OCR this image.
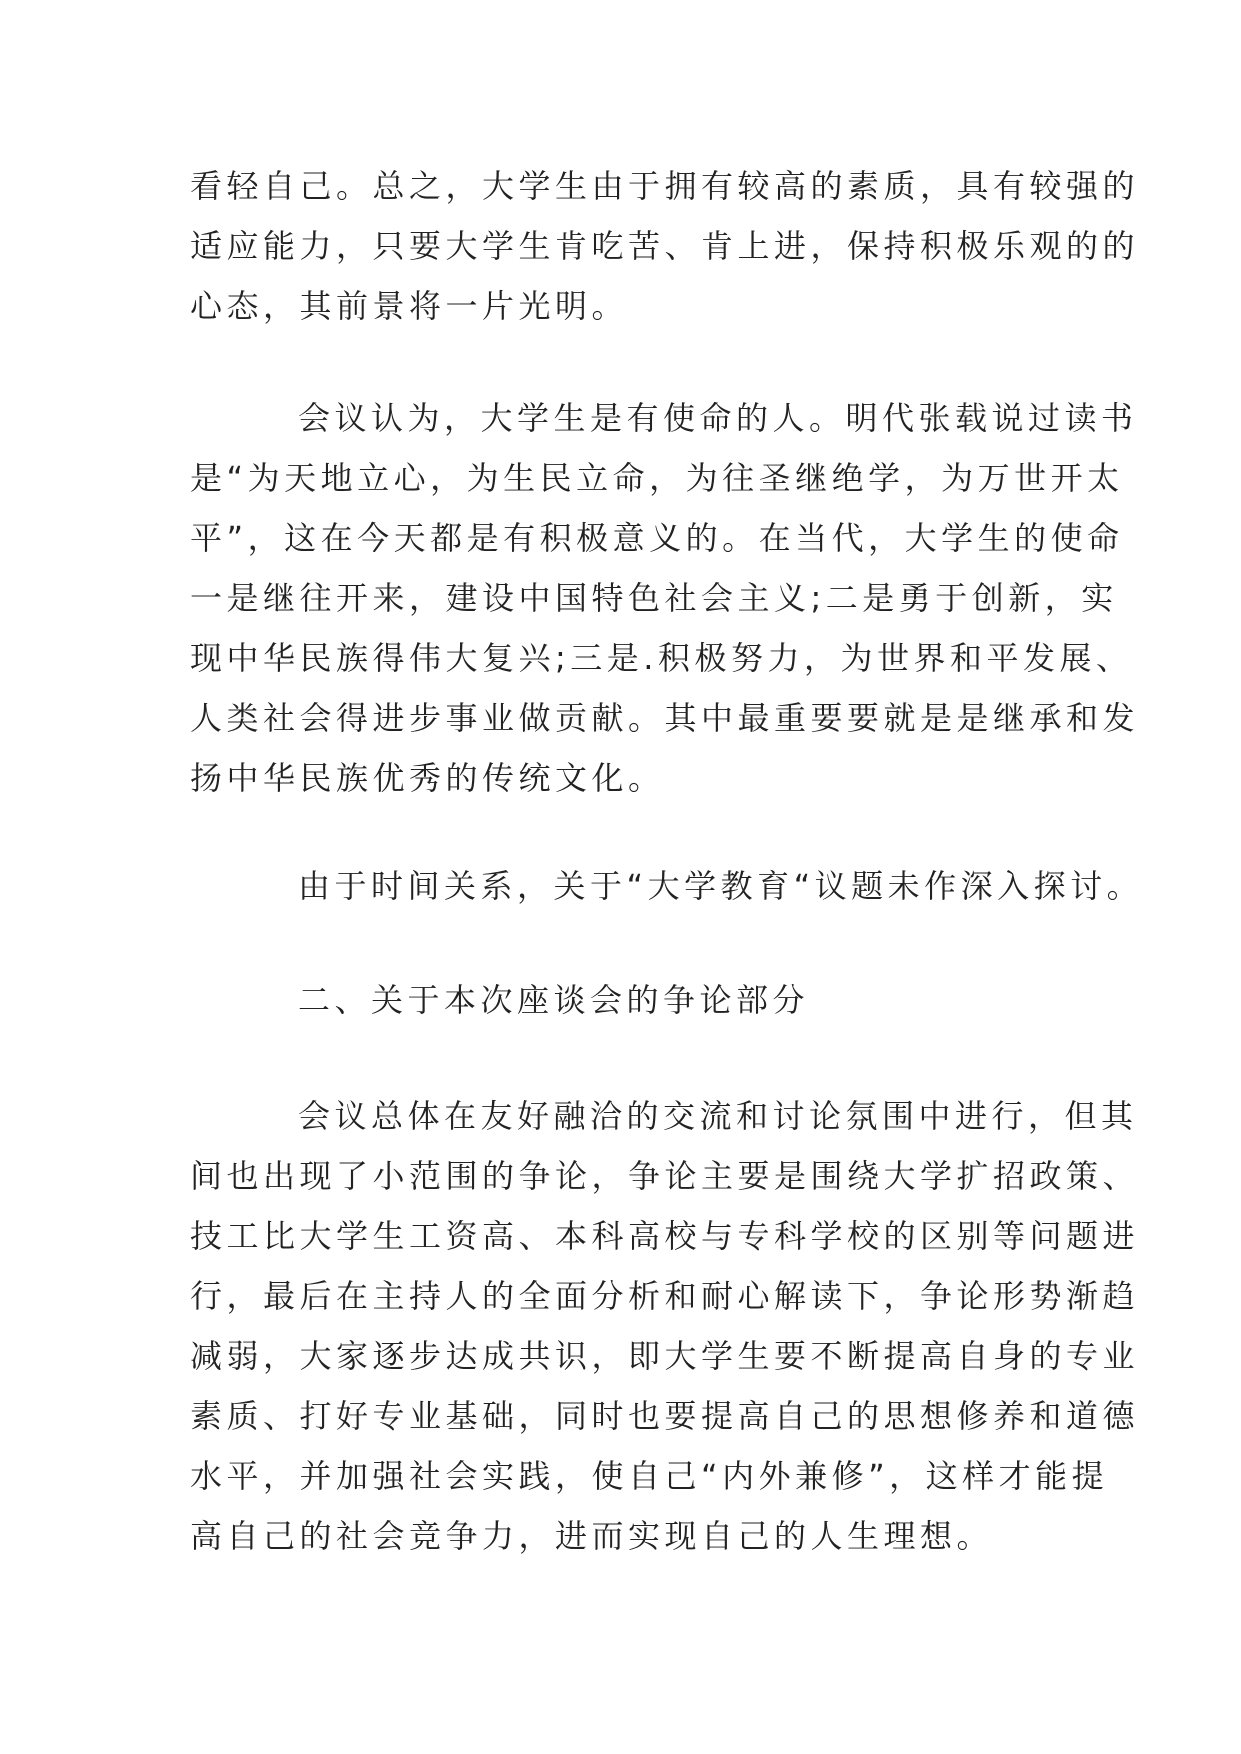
看轻自己。总之，大学生由于拥有较高的素质，具有较强的
适应能力，只要大学生肯吃苦、肯上进，保持积极乐观的的
心态，其前景将一片光明。
会议认为，大学生是有使命的人。明代张载说过读书
是“为天地立心，为生民立命，为往圣继绝学，为万世开太
平”，这在今天都是有积极意义的。在当代，大学生的使命
一是继往开来，建设中国特色社会主义;二是勇于创新，实
现中华民族得伟大复兴;三是.积极努力，为世界和平发展、
人类社会得进步事业做贡献。其中最重要要就是是继承和发
扬中华民族优秀的传统文化。
由于时间关系，关于“大学教育“议题未作深入探讨。
二、关于本次座谈会的争论部分
会议总体在友好融洽的交流和讨论氛围中进行，但其
间也出现了小范围的争论，争论主要是围绕大学扩招政策、
技工比大学生工资高、本科高校与专科学校的区别等问题进
行，最后在主持人的全面分析和耐心解读下，争论形势渐趋
减弱，大家逐步达成共识，即大学生要不断提高自身的专业
素质、打好专业基础，同时也要提高自己的思想修养和道德
水平，并加强社会实践，使自己“内外兼修”，这样才能提
高自己的社会竞争力，进而实现自己的人生理想。
